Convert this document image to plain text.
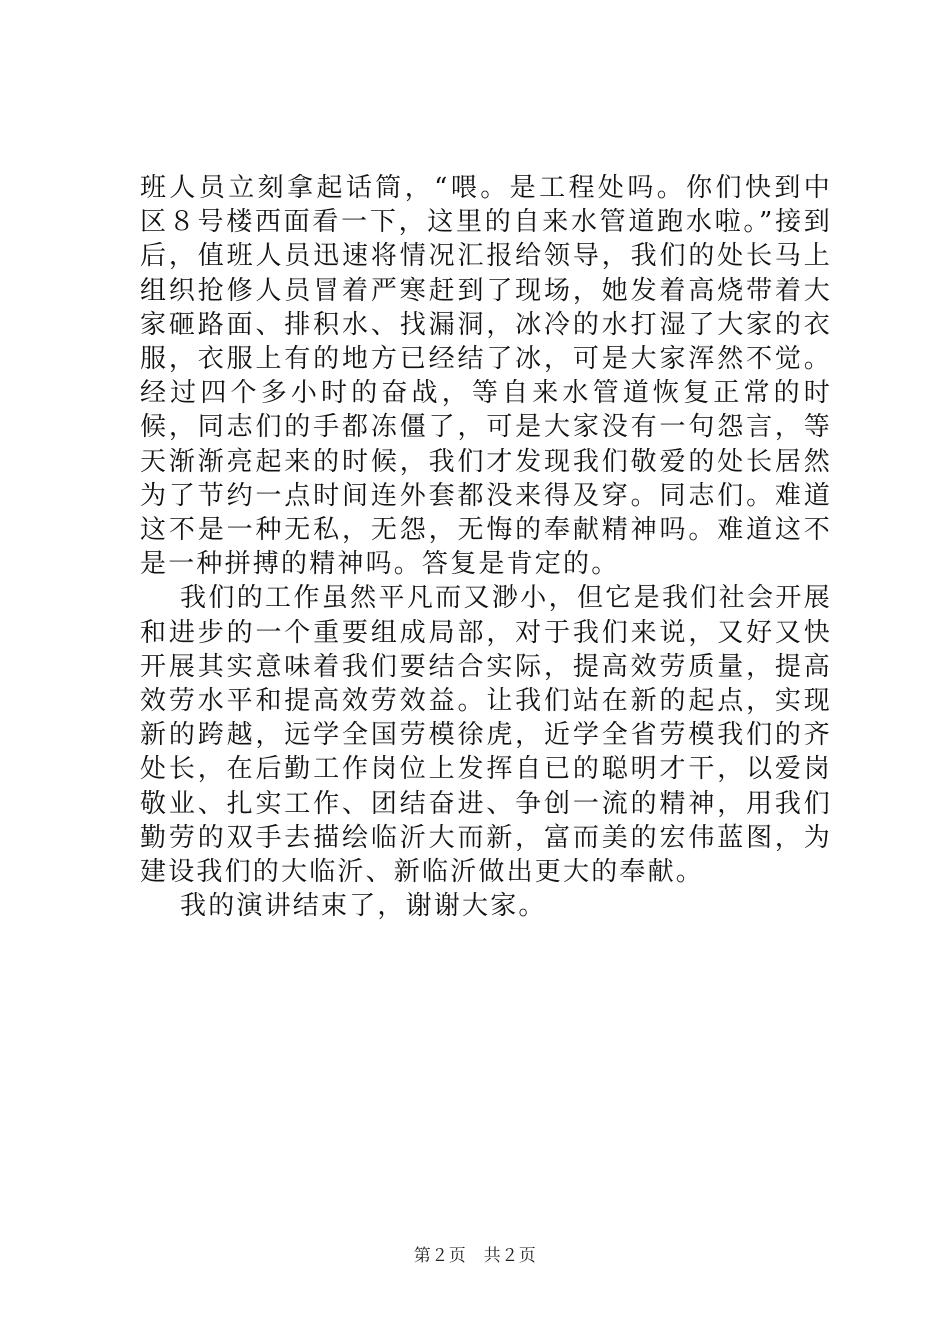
班人员立刻拿起话筒，“喂。是工程处吗。你们快到中区８号楼西面看一下，这里的自来水管道跑水啦。”接到　　后，值班人员迅速将情况汇报给领导，我们的处长马上组织抢修人员冒着严寒赶到了现场，她发着高烧带着大家砸路面、排积水、找漏洞，冰冷的水打湿了大家的衣服，衣服上有的地方已经结了冰，可是大家浑然不觉。经过四个多小时的奋战，等自来水管道恢复正常的时候，同志们的手都冻僵了，可是大家没有一句怨言，等天渐渐亮起来的时候，我们才发现我们敬爱的处长居然为了节约一点时间连外套都没来得及穿。同志们。难道这不是一种无私，无怨，无悔的奉献精神吗。难道这不是一种拼搏的精神吗。答复是肯定的。

我们的工作虽然平凡而又渺小，但它是我们社会开展和进步的一个重要组成局部，对于我们来说，又好又快开展其实意味着我们要结合实际，提高效劳质量，提高效劳水平和提高效劳效益。让我们站在新的起点，实现新的跨越，远学全国劳模徐虎，近学全省劳模我们的齐处长，在后勤工作岗位上发挥自已的聪明才干，以爱岗敬业、扎实工作、团结奋进、争创一流的精神，用我们勤劳的双手去描绘临沂大而新，富而美的宏伟蓝图，为建设我们的大临沂、新临沂做出更大的奉献。

我的演讲结束了，谢谢大家。

第２页　共２页
